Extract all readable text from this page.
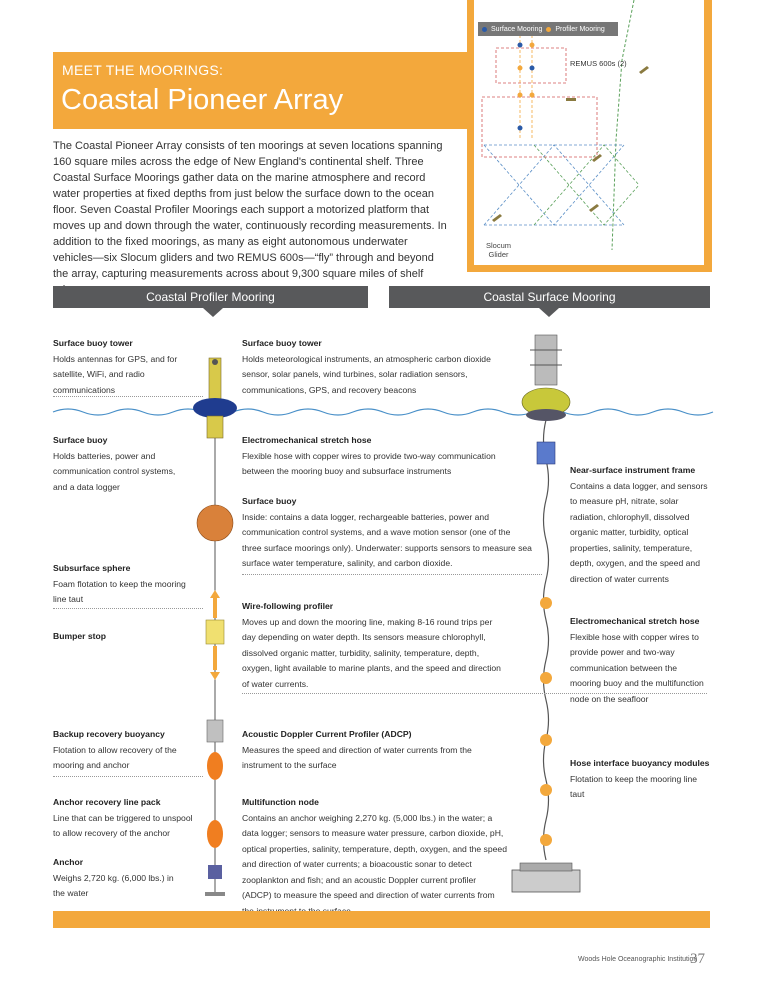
MEET THE MOORINGS:
Coastal Pioneer Array
Surface Mooring Profiler Mooring
REMUS 600s (2)
Slocum
Glider
The Coastal Pioneer Array consists of ten moorings at seven locations spanning 160 square miles across the edge of New England's continental shelf. Three Coastal Surface Moorings gather data on the marine atmosphere and record water properties at fixed depths from just below the surface down to the ocean floor. Seven Coastal Profiler Moorings each support a motorized platform that moves up and down through the water, continuously recording measurements. In addition to the fixed moorings, as many as eight autonomous underwater vehicles—six Slocum gliders and two REMUS 600s—“fly” through and beyond the array, capturing measurements across about 9,300 square miles of shelf
Coastal Profiler Mooring	Coastal Surface Mooring
Surface buoy tower
Holds antennas for GPS, and for satellite, WiFi, and radio communications
Surface buoy
Holds batteries, power and communication control systems, and a data logger
Subsurface sphere
Foam flotation to keep the mooring line taut
Bumper stop
Backup recovery buoyancy
Flotation to allow recovery of the mooring and anchor
Anchor recovery line pack
Line that can be triggered to unspool to allow recovery of the anchor
Anchor
Weighs 2,720 kg. (6,000 lbs.) in the water
Surface buoy tower
Holds meteorological instruments, an atmospheric carbon dioxide sensor, solar panels, wind turbines, solar radiation sensors, communications, GPS, and recovery beacons
Electromechanical stretch hose
Flexible hose with copper wires to provide two-way communication between the mooring buoy and subsurface instruments
Surface buoy
Inside: contains a data logger, rechargeable batteries, power and communication control systems, and a wave motion sensor (one of the three surface moorings only). Underwater: supports sensors to measure sea surface water temperature, salinity, and carbon dioxide.
Wire-following profiler
Moves up and down the mooring line, making 8-16 round trips per day depending on water depth. Its sensors measure chlorophyll, dissolved organic matter, turbidity, salinity, temperature, depth, oxygen, light available to marine plants, and the speed and direction of water currents.
Acoustic Doppler Current Profiler (ADCP)
Measures the speed and direction of water currents from the instrument to the surface
Multifunction node
Contains an anchor weighing 2,270 kg. (5,000 lbs.) in the water; a data logger; sensors to measure water pressure, carbon dioxide, pH, optical properties, salinity, temperature, depth, oxygen, and the speed and direction of water currents; a bioacoustic sonar to detect zooplankton and fish; and an acoustic Doppler current profiler (ADCP) to measure the speed and direction of water currents from
Near-surface instrument frame
Contains a data logger, and sensors to measure pH, nitrate, solar radiation, chlorophyll, dissolved organic matter, turbidity, optical properties, salinity, temperature, depth, oxygen, and the speed and direction of water currents
Electromechanical stretch hose
Flexible hose with copper wires to provide power and two-way communication between the mooring buoy and the multifunction node on the seafloor
Hose interface buoyancy modules
Flotation to keep the mooring line taut
Woods Hole Oceanographic Institution
37
